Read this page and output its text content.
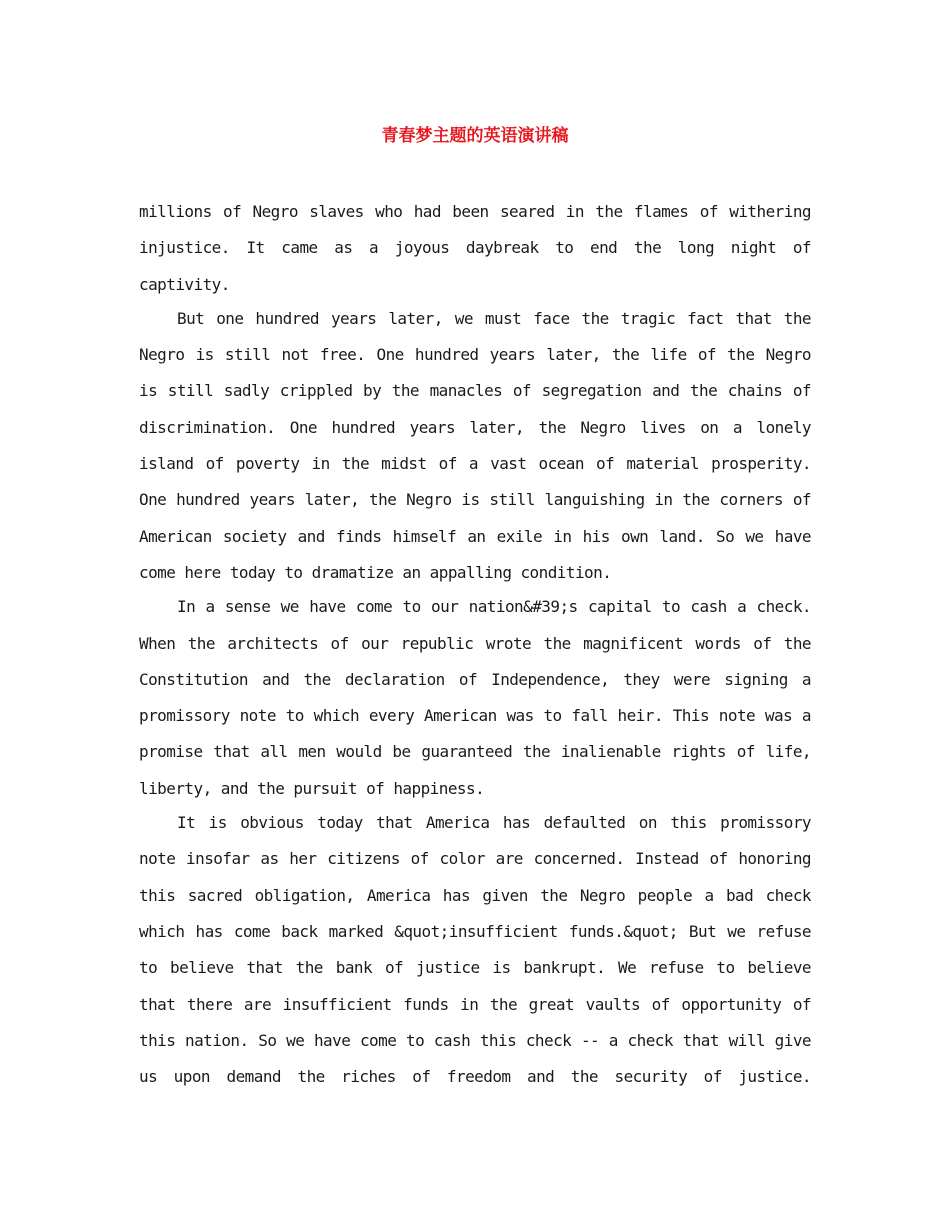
青春梦主题的英语演讲稿

millions of Negro slaves who had been seared in the flames of withering injustice. It came as a joyous daybreak to end the long night of captivity.

But one hundred years later, we must face the tragic fact that the Negro is still not free. One hundred years later, the life of the Negro is still sadly crippled by the manacles of segregation and the chains of discrimination. One hundred years later, the Negro lives on a lonely island of poverty in the midst of a vast ocean of material prosperity. One hundred years later, the Negro is still languishing in the corners of American society and finds himself an exile in his own land. So we have come here today to dramatize an appalling condition.

In a sense we have come to our nation&#39;s capital to cash a check. When the architects of our republic wrote the magnificent words of the Constitution and the declaration of Independence, they were signing a promissory note to which every American was to fall heir. This note was a promise that all men would be guaranteed the inalienable rights of life, liberty, and the pursuit of happiness.

It is obvious today that America has defaulted on this promissory note insofar as her citizens of color are concerned. Instead of honoring this sacred obligation, America has given the Negro people a bad check which has come back marked &quot;insufficient funds.&quot; But we refuse to believe that the bank of justice is bankrupt. We refuse to believe that there are insufficient funds in the great vaults of opportunity of this nation. So we have come to cash this check -- a check that will give us upon demand the riches of freedom and the security of justice.
